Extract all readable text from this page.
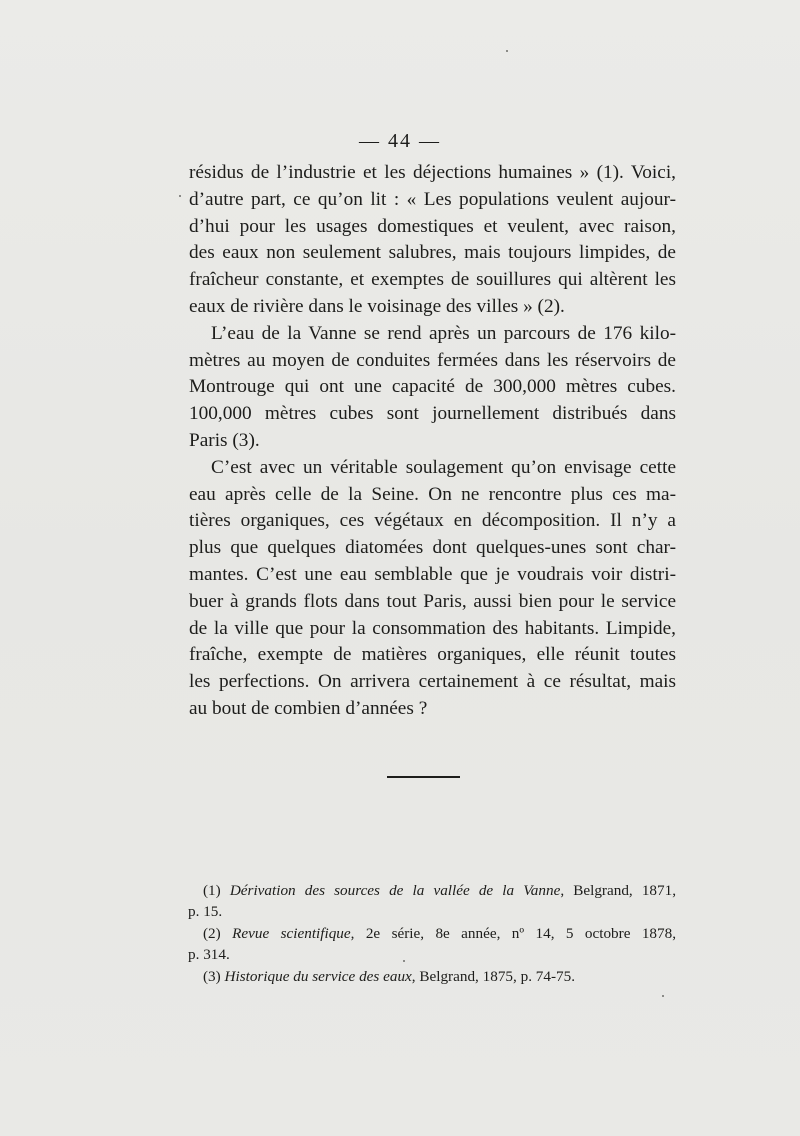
— 44 —

résidus de l’industrie et les déjections humaines » (1). Voici,

d’autre part, ce qu’on lit : « Les populations veulent aujour-

d’hui pour les usages domestiques et veulent, avec raison,

des eaux non seulement salubres, mais toujours limpides, de

fraîcheur constante, et exemptes de souillures qui altèrent les

eaux de rivière dans le voisinage des villes » (2).

L’eau de la Vanne se rend après un parcours de 176 kilo-

mètres au moyen de conduites fermées dans les réservoirs de

Montrouge qui ont une capacité de 300,000 mètres cubes.

100,000 mètres cubes sont journellement distribués dans

Paris (3).

C’est avec un véritable soulagement qu’on envisage cette

eau après celle de la Seine. On ne rencontre plus ces ma-

tières organiques, ces végétaux en décomposition. Il n’y a

plus que quelques diatomées dont quelques-unes sont char-

mantes. C’est une eau semblable que je voudrais voir distri-

buer à grands flots dans tout Paris, aussi bien pour le service

de la ville que pour la consommation des habitants. Limpide,

fraîche, exempte de matières organiques, elle réunit toutes

les perfections. On arrivera certainement à ce résultat, mais

au bout de combien d’années ?

(1) Dérivation des sources de la vallée de la Vanne, Belgrand, 1871,

p. 15.

(2) Revue scientifique, 2e série, 8e année, nº 14, 5 octobre 1878,

p. 314.

(3) Historique du service des eaux, Belgrand, 1875, p. 74-75.
